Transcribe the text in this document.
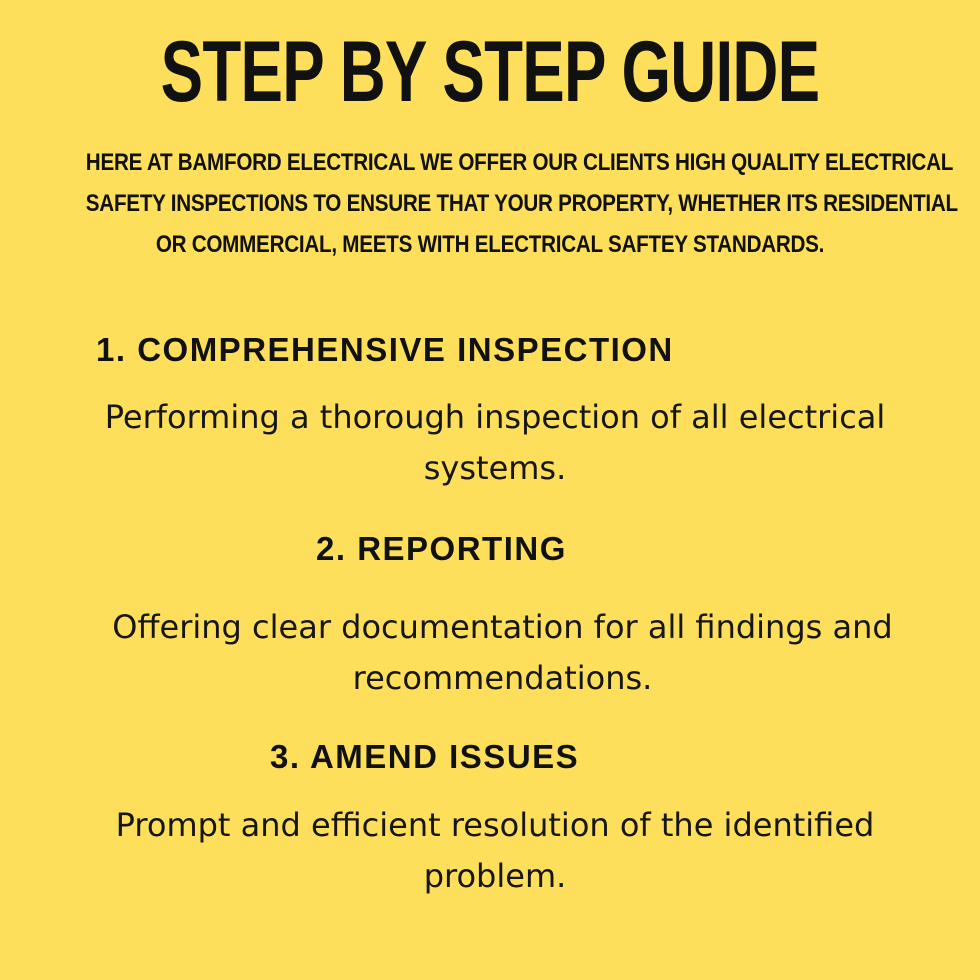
STEP BY STEP GUIDE
HERE AT BAMFORD ELECTRICAL WE OFFER OUR CLIENTS HIGH QUALITY ELECTRICAL
SAFETY INSPECTIONS TO ENSURE THAT YOUR PROPERTY, WHETHER ITS RESIDENTIAL
OR COMMERCIAL, MEETS WITH ELECTRICAL SAFTEY STANDARDS.
1. COMPREHENSIVE INSPECTION
Performing a thorough inspection of all electrical
systems.
2. REPORTING
Offering clear documentation for all findings and
recommendations.
3. AMEND ISSUES
Prompt and efficient resolution of the identified
problem.
